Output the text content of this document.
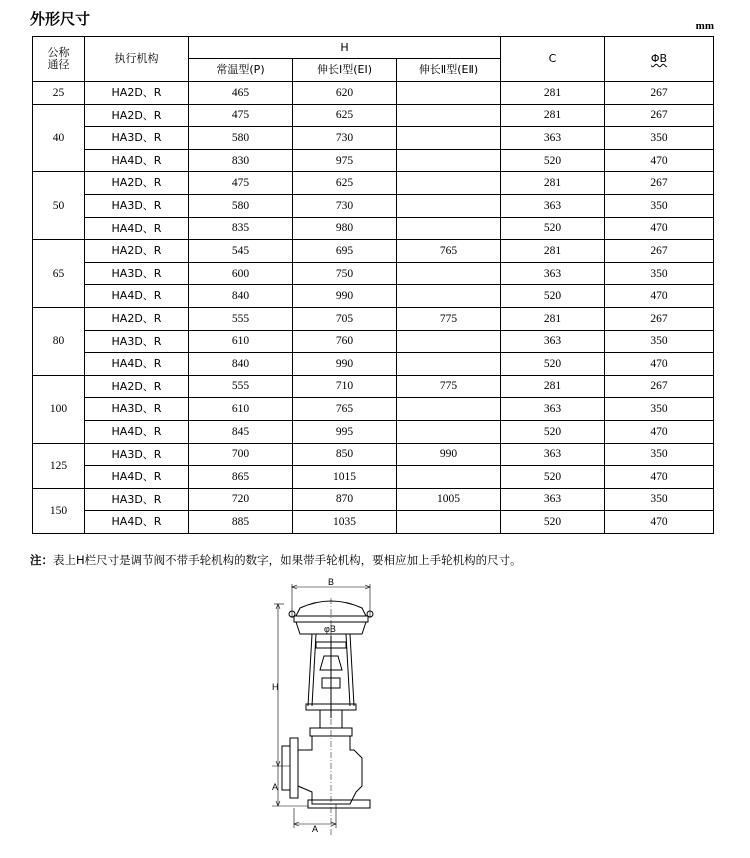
外形尺寸	mm
公称
通径	执行机构	H			C	ΦB
		常温型(P)	伸长Ⅰ型(EⅠ)	伸长Ⅱ型(EⅡ)		
25	HA2D、R	465	620		281	267
40	HA2D、R	475	625		281	267
	HA3D、R	580	730		363	350
	HA4D、R	830	975		520	470
50	HA2D、R	475	625		281	267
	HA3D、R	580	730		363	350
	HA4D、R	835	980		520	470
65	HA2D、R	545	695	765	281	267
	HA3D、R	600	750		363	350
	HA4D、R	840	990		520	470
80	HA2D、R	555	705	775	281	267
	HA3D、R	610	760		363	350
	HA4D、R	840	990		520	470
100	HA2D、R	555	710	775	281	267
	HA3D、R	610	765		363	350
	HA4D、R	845	995		520	470
125	HA3D、R	700	850	990	363	350
	HA4D、R	865	1015		520	470
150	HA3D、R	720	870	1005	363	350
	HA4D、R	885	1035		520	470
注：表上H栏尺寸是调节阀不带手轮机构的数字，如果带手轮机构，要相应加上手轮机构的尺寸。
B
φB
H
A
A
